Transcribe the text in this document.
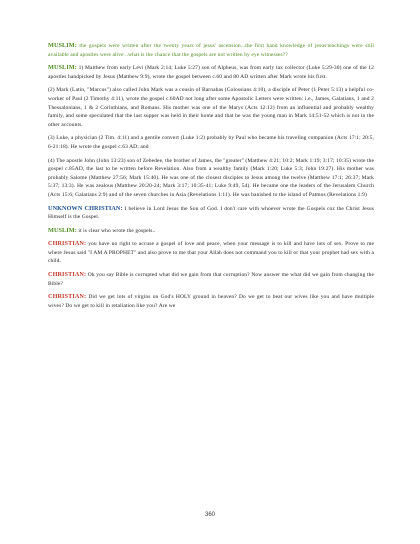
MUSLIM: the gospels were written after the twenty years of jesus' ascension...the first hand knowledge of jesus'teachings were still available and apostles were alive ..what is the chance that the gospels are not written by eye witnesses??

MUSLIM: 1) Matthew from early Levi (Mark 2:14; Luke 5:27) son of Alpheus, was from early tax collector (Luke 5:29-30) one of the 12 apostles handpicked by Jesus (Matthew 9:9), wrote the gospel between c.60 and 80 AD written after Mark wrote his first.

(2) Mark (Latin, "Marcus") also called John Mark was a cousin of Barnabas (Colossians 4:10), a disciple of Peter (1 Peter 5:13) a helpful co-worker of Paul (2 Timothy 4:11), wrote the gospel c.60AD not long after some Apostolic Letters were written: i.e., James, Galatians, 1 and 2 Thessalonians, 1 & 2 Corinthians, and Romans. His mother was one of the Marys (Acts 12:12) from an influential and probably wealthy family, and some speculated that the last supper was held in their home and that he was the young man in Mark 14:51-52 which is not in the other accounts.

(3) Luke, a physician (2 Tim. 4:11) and a gentile convert (Luke 1:2) probably by Paul who became his traveling companion (Acts 17:1; 20:5, 6-21:18). He wrote the gospel c.63 AD; and

(4) The apostle John (John 13:23) son of Zebedee, the brother of James, the "greater" (Matthew 4:21; 10:2; Mark 1:19; 3:17; 10:35) wrote the gospel c.85AD, the last to be written before Revelation. Also from a wealthy family (Mark 1:20; Luke 5:3; John 19:27). His mother was probably Salome (Matthew 27:56; Mark 15:40). He was one of the closest disciples to Jesus among the twelve (Matthew 17:1; 26:37; Mark 5:37; 13:3). He was zealous (Matthew 20:20-24; Mark 3:17; 10:35-41; Luke 9:49, 54). He became one the leaders of the Jerusalem Church (Acts 15:6; Galatians 2:9) and of the seven churches in Asia (Revelations 1:11). He was banished to the island of Patmos (Revelations 1:9)

UNKNOWN CHRISTIAN: I believe in Lord Jesus the Son of God. I don't care with whoever wrote the Gospels coz the Christ Jesus Himself is the Gospel.

MUSLIM: it is clear who wrote the gospels..

CHRISTIAN: you have no right to accuse a gospel of love and peace, when your message is to kill and have lots of sex. Prove to me where Jesus said "I AM A PROPHET" and also prove to me that your Allah does not command you to kill or that your prophet had sex with a child.

CHRISTIAN: Ok you say Bible is corrupted what did we gain from that corruption? Now answer me what did we gain from changing the Bible?

CHRISTIAN: Did we get lots of virgins on God's HOLY ground in heaven? Do we get to beat our wives like you and have multiple wives? Do we get to kill in retaliation like you? Are we

360
